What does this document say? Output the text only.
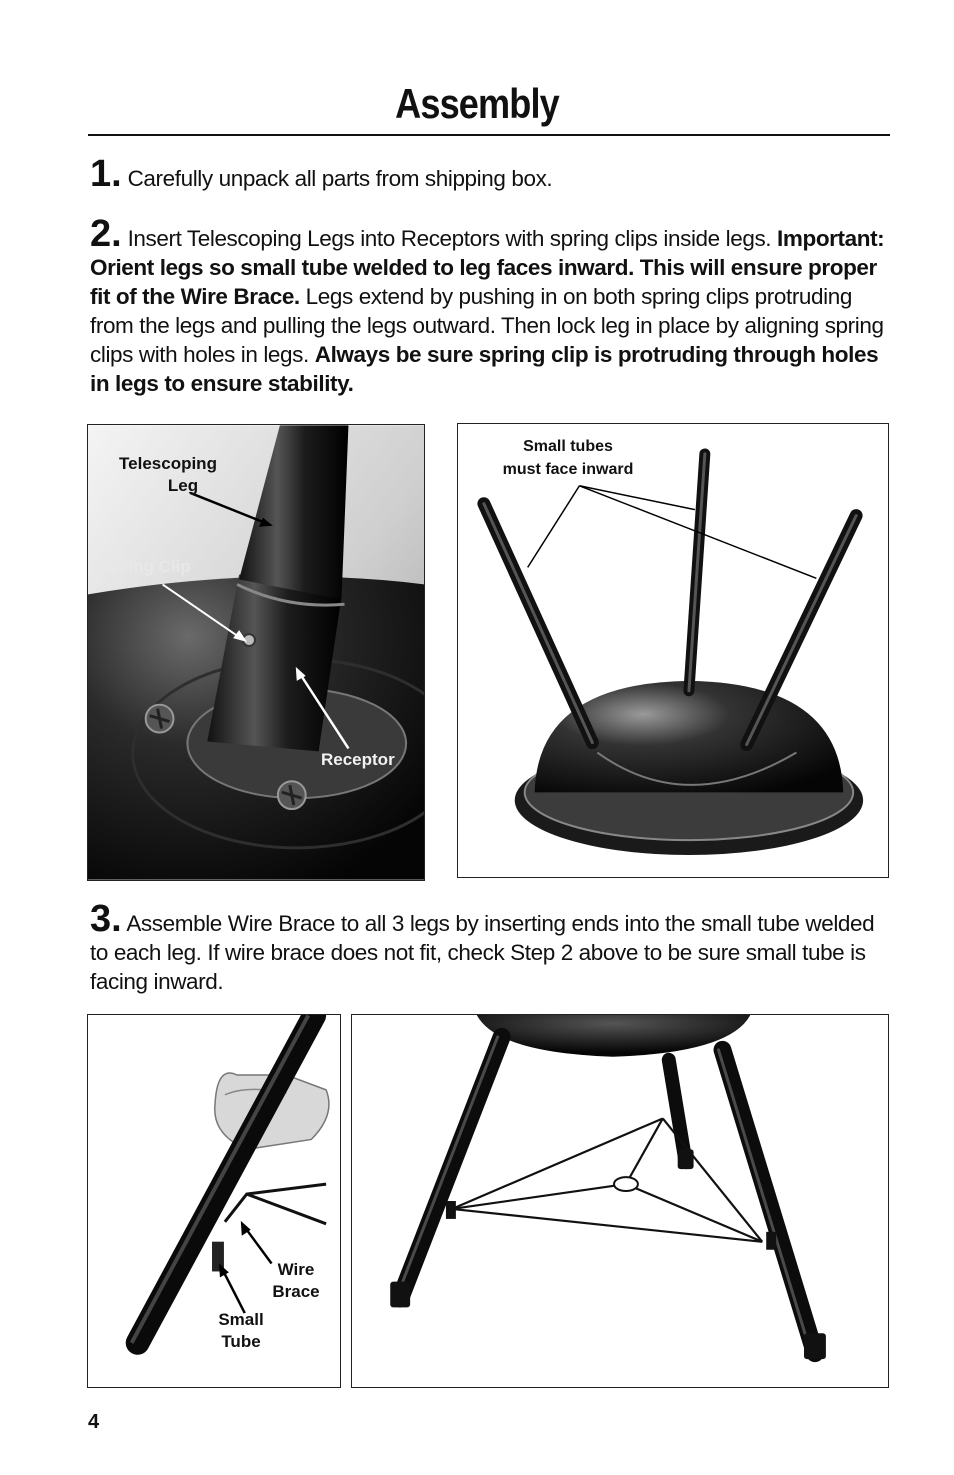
Assembly
1. Carefully unpack all parts from shipping box.
2. Insert Telescoping Legs into Receptors with spring clips inside legs. Important: Orient legs so small tube welded to leg faces inward. This will ensure proper fit of the Wire Brace. Legs extend by pushing in on both spring clips protruding from the legs and pulling the legs outward. Then lock leg in place by aligning spring clips with holes in legs. Always be sure spring clip is protruding through holes in legs to ensure stability.
Telescoping
Leg
Spring Clip
Receptor
Small tubes
must face inward
3. Assemble Wire Brace to all 3 legs by inserting ends into the small tube welded to each leg. If wire brace does not fit, check Step 2 above to be sure small tube is facing inward.
Wire
Brace
Small
Tube
4
